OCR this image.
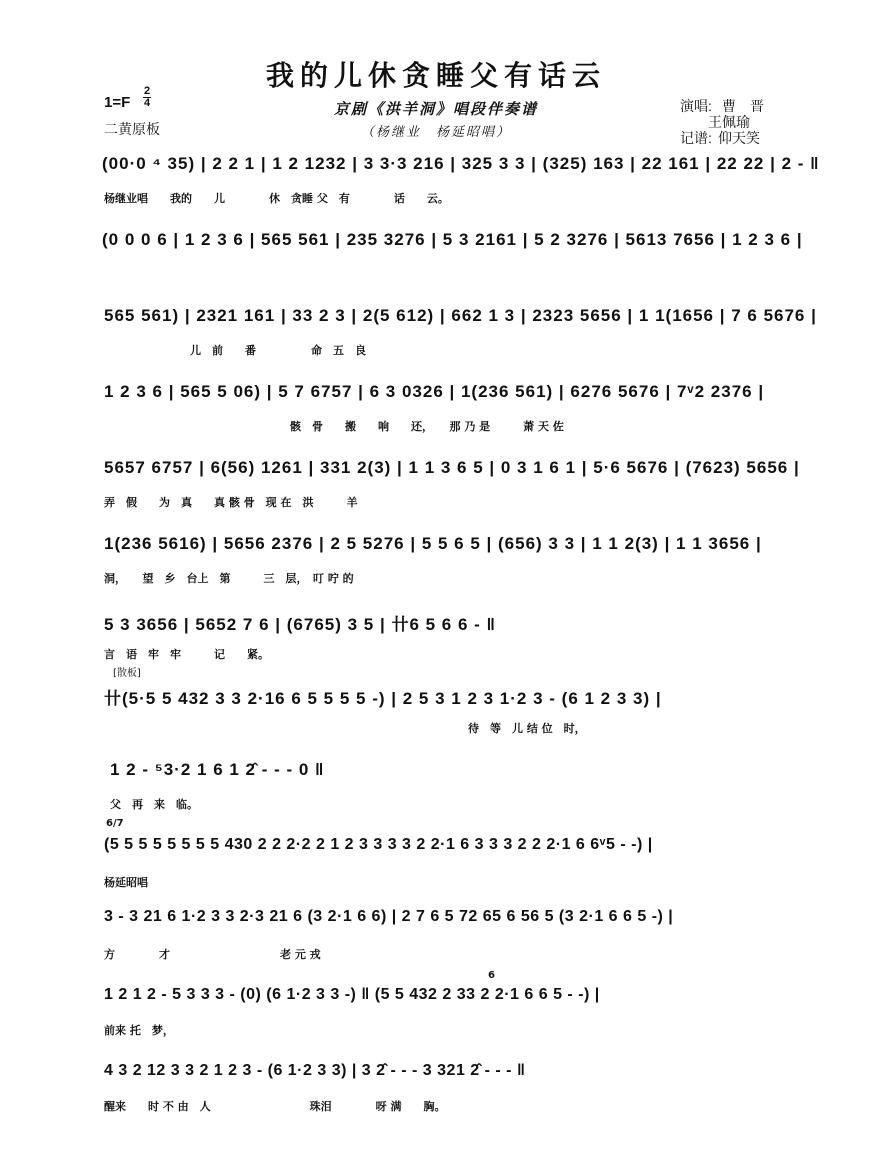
我的儿休贪睡父有话云
京剧《洪羊洞》唱段伴奏谱
（杨继业　杨延昭唱）
1=F
2
4
二黄原板
演唱: 曹　晋
王佩瑜
记谱: 仰天笑
(00·0 ⁴ 35) | 2 2 1 | 1 2 1232 | 3 3·3 216 | 325 3 3 | (325) 163 | 22 161 | 22 22 | 2 - ‖
杨继业唱　　我的　　儿　　　　休　贪睡 父　有　　　　话　　云。
(0 0 0 6 | 1 2 3 6 | 565 561 | 235 3276 | 5 3 2161 | 5 2 3276 | 5613 7656 | 1 2 3 6 |
565 561) | 2321 161 | 33 2 3 | 2(5 612) | 662 1 3 | 2323 5656 | 1 1(1656 | 7 6 5676 |
儿　前　　番　　　　　命　五　良
1 2 3 6 | 565 5 06) | 5 7 6757 | 6 3 0326 | 1(236 561) | 6276 5676 | 7ᵛ2 2376 |
骸　骨　　搬　　响　　还，　　那 乃 是　　　萧 天 佐
5657 6757 | 6(56) 1261 | 331 2(3) | 1 1 3 6 5 | 0 3 1 6 1 | 5·6 5676 | (7623) 5656 |
弄　假　　为　真　　真 骸 骨　现 在　洪　　　羊
1(236 5616) | 5656 2376 | 2 5 5276 | 5 5 6 5 | (656) 3 3 | 1 1 2(3) | 1 1 3656 |
洞，　　望　乡　台上　第　　　三　层，　叮 咛 的
5 3 3656 | 5652 7 6 | (6765) 3 5 | 卄6 5 6 6 - ‖
言　语　牢　牢　　　记　　紧。
[散板]
卄(5·5 5 432 3 3 2·16 6 5 5 5 5 -) | 2 5 3 1 2 3 1·2 3 - (6 1 2 3 3) |
待　等　儿 结 位　时，
1 2 - ⁵3·2 1 6 1 2̂ - - - 0 ‖
父　再　来　临。
6/7
(5 5 5 5 5 5 5 5 430 2 2 2·2 2 1 2 3 3 3 3 2 2·1 6 3 3 3 2 2 2·1 6 6ᵛ5 - -) |
杨延昭唱
3 - 3 21 6 1·2 3 3 2·3 21 6 (3 2·1 6 6) | 2 7 6 5 72 65 6 56 5 (3 2·1 6 6 5 -) |
方　　　　才　　　　　　　　　　老 元 戎
6
1 2 1 2 - 5 3 3 3 - (0) (6 1·2 3 3 -) ‖ (5 5 432 2 33 2 2·1 6 6 5 - -) |
前来 托　梦，
4 3 2 12 3 3 2 1 2 3 - (6 1·2 3 3) | 3 2̂ - - - 3 321 2̂ - - - ‖
醒来　　时 不 由　人　　　　　　　　　珠泪　　　　呀 满　　胸。
